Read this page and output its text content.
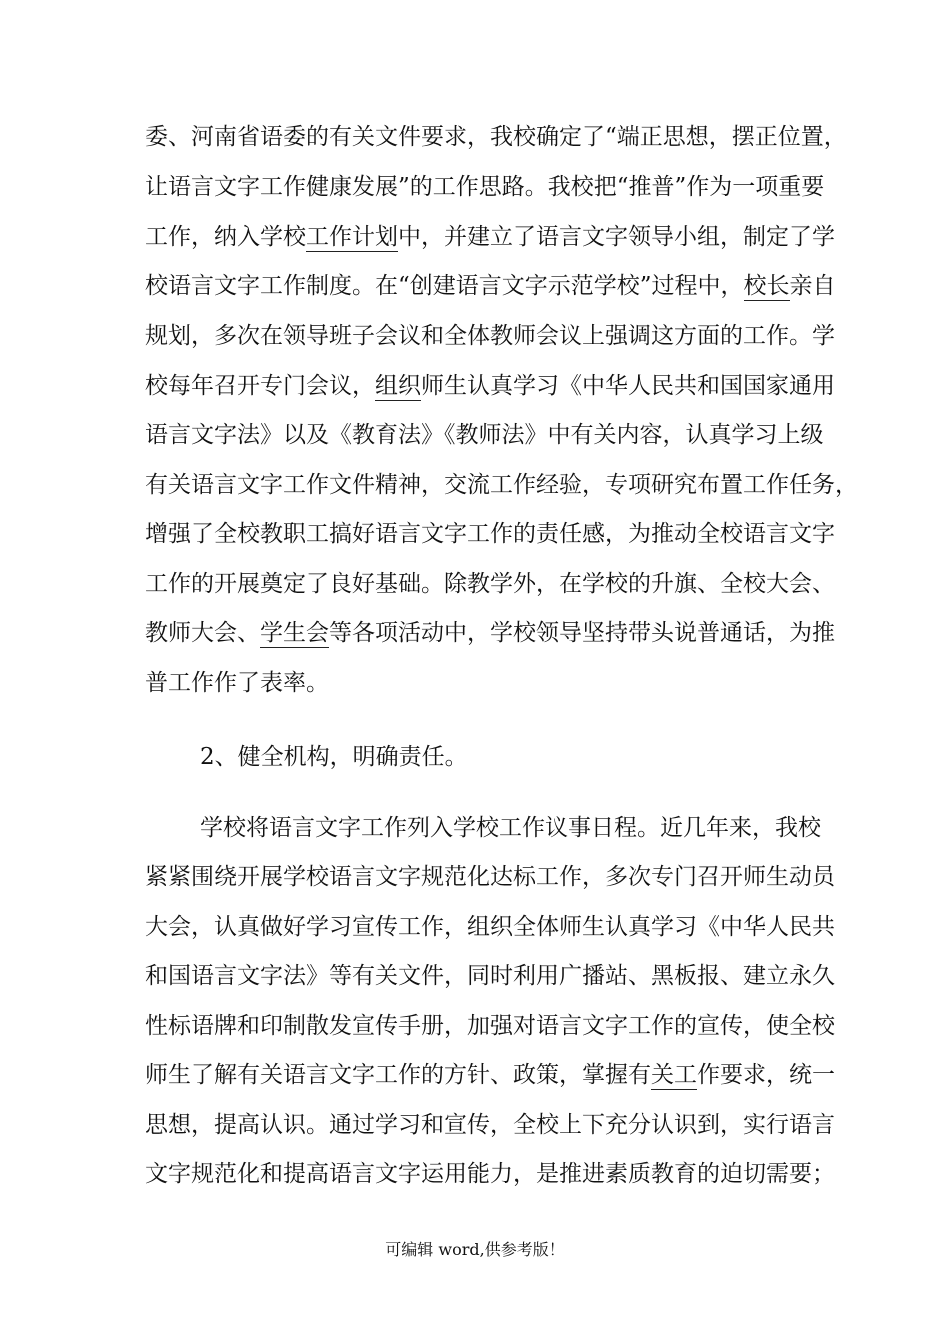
委、河南省语委的有关文件要求，我校确定了“端正思想，摆正位置，
让语言文字工作健康发展”的工作思路。我校把“推普”作为一项重要
工作，纳入学校工作计划中，并建立了语言文字领导小组，制定了学
校语言文字工作制度。在“创建语言文字示范学校”过程中，校长亲自
规划，多次在领导班子会议和全体教师会议上强调这方面的工作。学
校每年召开专门会议，组织师生认真学习《中华人民共和国国家通用
语言文字法》以及《教育法》《教师法》中有关内容，认真学习上级
有关语言文字工作文件精神，交流工作经验，专项研究布置工作任务，
增强了全校教职工搞好语言文字工作的责任感，为推动全校语言文字
工作的开展奠定了良好基础。除教学外，在学校的升旗、全校大会、
教师大会、学生会等各项活动中，学校领导坚持带头说普通话，为推
普工作作了表率。
2、健全机构，明确责任。
学校将语言文字工作列入学校工作议事日程。近几年来，我校
紧紧围绕开展学校语言文字规范化达标工作，多次专门召开师生动员
大会，认真做好学习宣传工作，组织全体师生认真学习《中华人民共
和国语言文字法》等有关文件，同时利用广播站、黑板报、建立永久
性标语牌和印制散发宣传手册，加强对语言文字工作的宣传，使全校
师生了解有关语言文字工作的方针、政策，掌握有关工作要求，统一
思想，提高认识。通过学习和宣传，全校上下充分认识到，实行语言
文字规范化和提高语言文字运用能力，是推进素质教育的迫切需要；
可编辑 word,供参考版！
